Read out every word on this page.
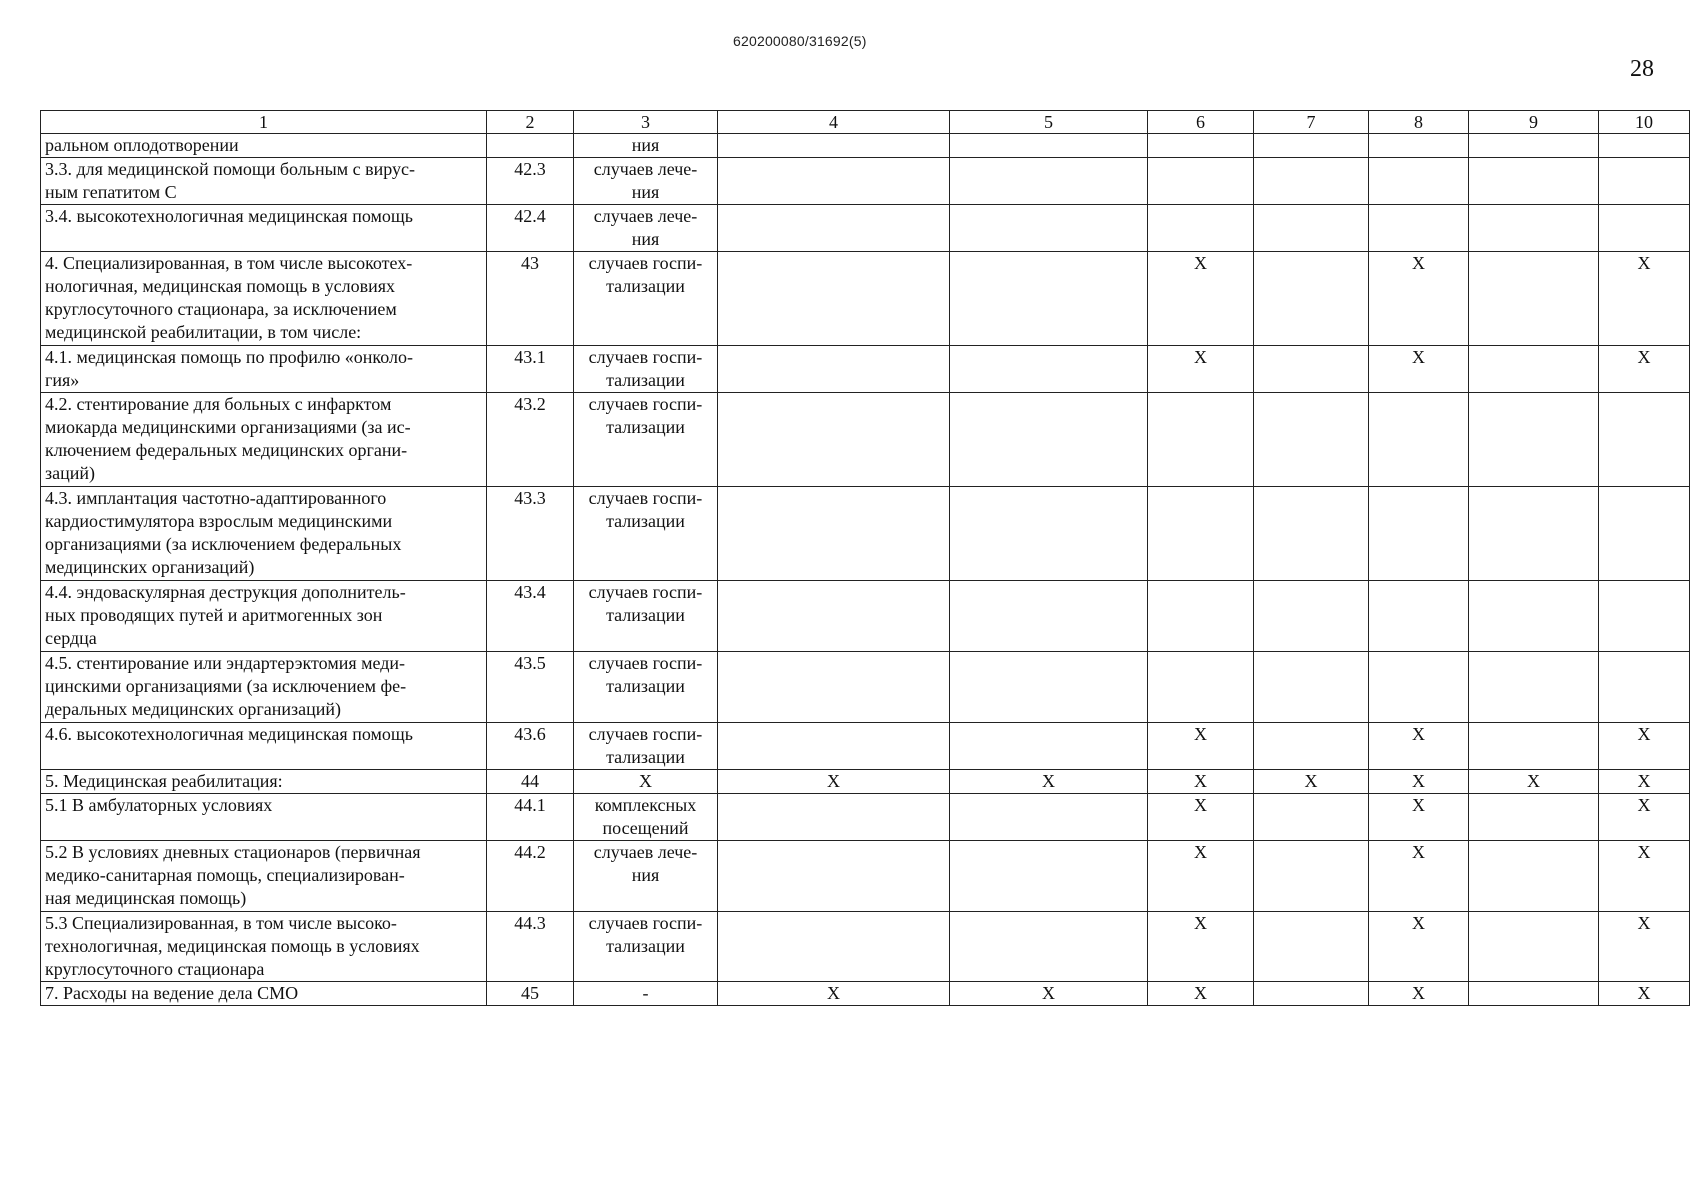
620200080/31692(5)
28
1	2	3	4	5	6	7	8	9	10
ральном оплодотворении		ния							
3.3. для медицинской помощи больным с вирус-
ным гепатитом С	42.3	случаев лече-
ния							
3.4. высокотехнологичная медицинская помощь	42.4	случаев лече-
ния							
4. Специализированная, в том числе высокотех-
нологичная, медицинская помощь в условиях
круглосуточного стационара, за исключением
медицинской реабилитации, в том числе:	43	случаев госпи-
тализации			X		X		X
4.1. медицинская помощь по профилю «онколо-
гия»	43.1	случаев госпи-
тализации			X		X		X
4.2. стентирование для больных с инфарктом
миокарда медицинскими организациями (за ис-
ключением федеральных медицинских органи-
заций)	43.2	случаев госпи-
тализации							
4.3. имплантация частотно-адаптированного
кардиостимулятора взрослым медицинскими
организациями (за исключением федеральных
медицинских организаций)	43.3	случаев госпи-
тализации							
4.4. эндоваскулярная деструкция дополнитель-
ных проводящих путей и аритмогенных зон
сердца	43.4	случаев госпи-
тализации							
4.5. стентирование или эндартерэктомия меди-
цинскими организациями (за исключением фе-
деральных медицинских организаций)	43.5	случаев госпи-
тализации							
4.6. высокотехнологичная медицинская помощь	43.6	случаев госпи-
тализации			X		X		X
5. Медицинская реабилитация:	44	X	X	X	X	X	X	X	X
5.1 В амбулаторных условиях	44.1	комплексных
посещений			X		X		X
5.2 В условиях дневных стационаров (первичная
медико-санитарная помощь, специализирован-
ная медицинская помощь)	44.2	случаев лече-
ния			X		X		X
5.3 Специализированная, в том числе высоко-
технологичная, медицинская помощь в условиях
круглосуточного стационара	44.3	случаев госпи-
тализации			X		X		X
7. Расходы на ведение дела СМО	45	-	X	X	X		X		X
